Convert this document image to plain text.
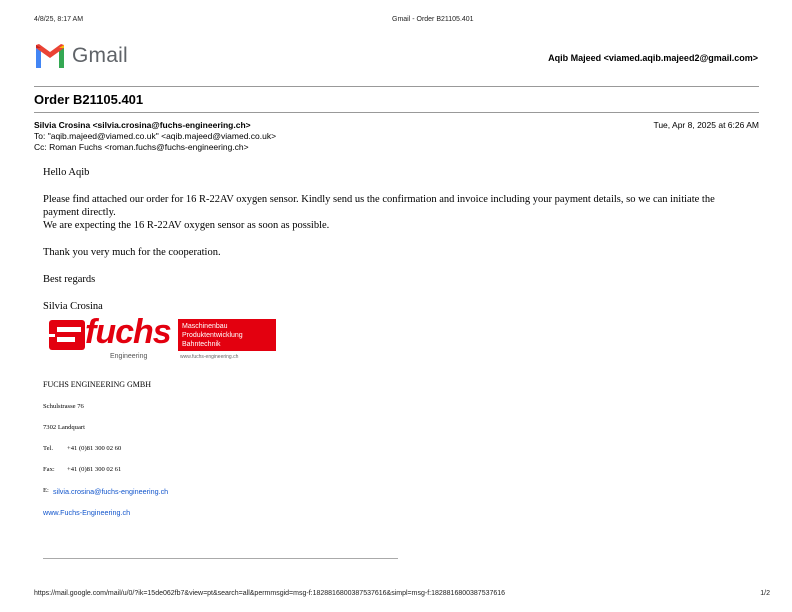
4/8/25, 8:17 AM	Gmail - Order B21105.401
Gmail	Aqib Majeed <viamed.aqib.majeed2@gmail.com>
Order B21105.401
Silvia Crosina <silvia.crosina@fuchs-engineering.ch>	Tue, Apr 8, 2025 at 6:26 AM
To: "aqib.majeed@viamed.co.uk" <aqib.majeed@viamed.co.uk>
Cc: Roman Fuchs <roman.fuchs@fuchs-engineering.ch>
Hello Aqib
Please find attached our order for 16 R-22AV oxygen sensor. Kindly send us the confirmation and invoice including your payment details, so we can initiate the payment directly.
We are expecting the 16 R-22AV oxygen sensor as soon as possible.
Thank you very much for the cooperation.
Best regards
Silvia Crosina
fuchs
Engineering
Maschinenbau
Produktentwicklung
Bahntechnik
www.fuchs-engineering.ch
FUCHS ENGINEERING GMBH
Schulstrasse 76
7302 Landquart
Tel. +41 (0)81 300 02 60
Fax: +41 (0)81 300 02 61
E: silvia.crosina@fuchs-engineering.ch
www.Fuchs-Engineering.ch
https://mail.google.com/mail/u/0/?ik=15de062fb7&view=pt&search=all&permmsgid=msg-f:1828816800387537616&simpl=msg-f:1828816800387537616	1/2
